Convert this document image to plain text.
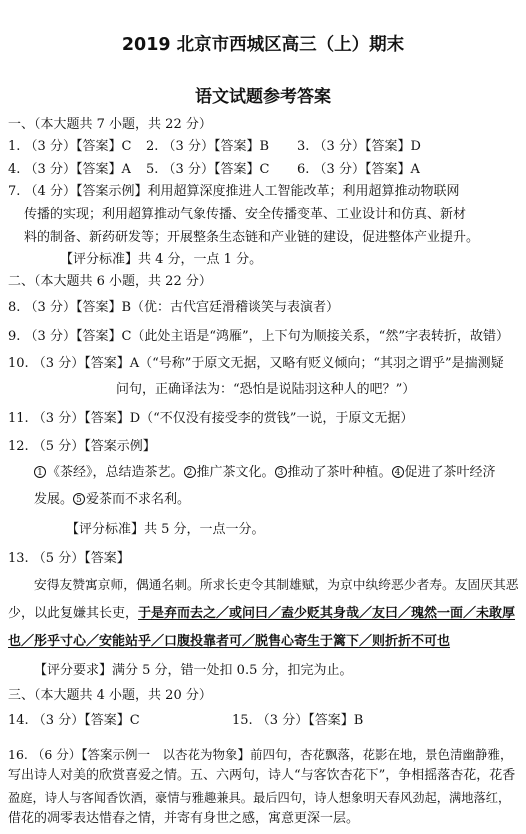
2019 北京市西城区高三（上）期末
语文试题参考答案
一、（本大题共 7 小题，共 22 分）
1. （3 分）【答案】C 2. （3 分）【答案】B 3. （3 分）【答案】D
4. （3 分）【答案】A 5. （3 分）【答案】C 6. （3 分）【答案】A
7. （4 分）【答案示例】利用超算深度推进人工智能改革；利用超算推动物联网
传播的实现；利用超算推动气象传播、安全传播变革、工业设计和仿真、新材
料的制备、新药研发等；开展整条生态链和产业链的建设，促进整体产业提升。
【评分标准】共 4 分，一点 1 分。
二、（本大题共 6 小题，共 22 分）
8. （3 分）【答案】B（优：古代宫廷滑稽谈笑与表演者）
9. （3 分）【答案】C（此处主语是“鸿雁”，上下句为顺接关系，“然”字表转折，故错）
10. （3 分）【答案】A（“号称”于原文无据，又略有贬义倾向；“其羽之谓乎”是揣测疑
问句，正确译法为：“恐怕是说陆羽这种人的吧？”）
11. （3 分）【答案】D（“不仅没有接受李的赏钱”一说，于原文无据）
12. （5 分）【答案示例】
1 《茶经》，总结造茶艺。 2 推广茶文化。 3 推动了茶叶种植。 4 促进了茶叶经济
发展。 5 爱茶而不求名利。
【评分标准】共 5 分，一点一分。
13. （5 分）【答案】
安得友赞寓京师，偶通名刺。所求长吏令其制雄赋，为京中纨绔恶少者寿。友固厌其恶
少，以此复嫌其长吏，于是弃而去之／或问曰／盍少贬其身哉／友曰／瑰然一面／未敢厚
也／彤乎寸心／安能站乎／口腹投靠者可／脱售心寄生于篱下／则折折不可也
【评分要求】满分 5 分，错一处扣 0.5 分，扣完为止。
三、（本大题共 4 小题，共 20 分）
14. （3 分）【答案】C	15. （3 分）【答案】B
16. （6 分）【答案示例一　以杏花为物象】前四句，杏花飘落，花影在地，景色清幽静雅，
写出诗人对美的欣赏喜爱之情。五、六两句，诗人“与客饮杏花下”，争相摇落杏花，花香
盈庭，诗人与客闻香饮酒，豪情与雅趣兼具。最后四句，诗人想象明天春风劲起，满地落红，
借花的凋零表达惜春之情，并寄有身世之感，寓意更深一层。
